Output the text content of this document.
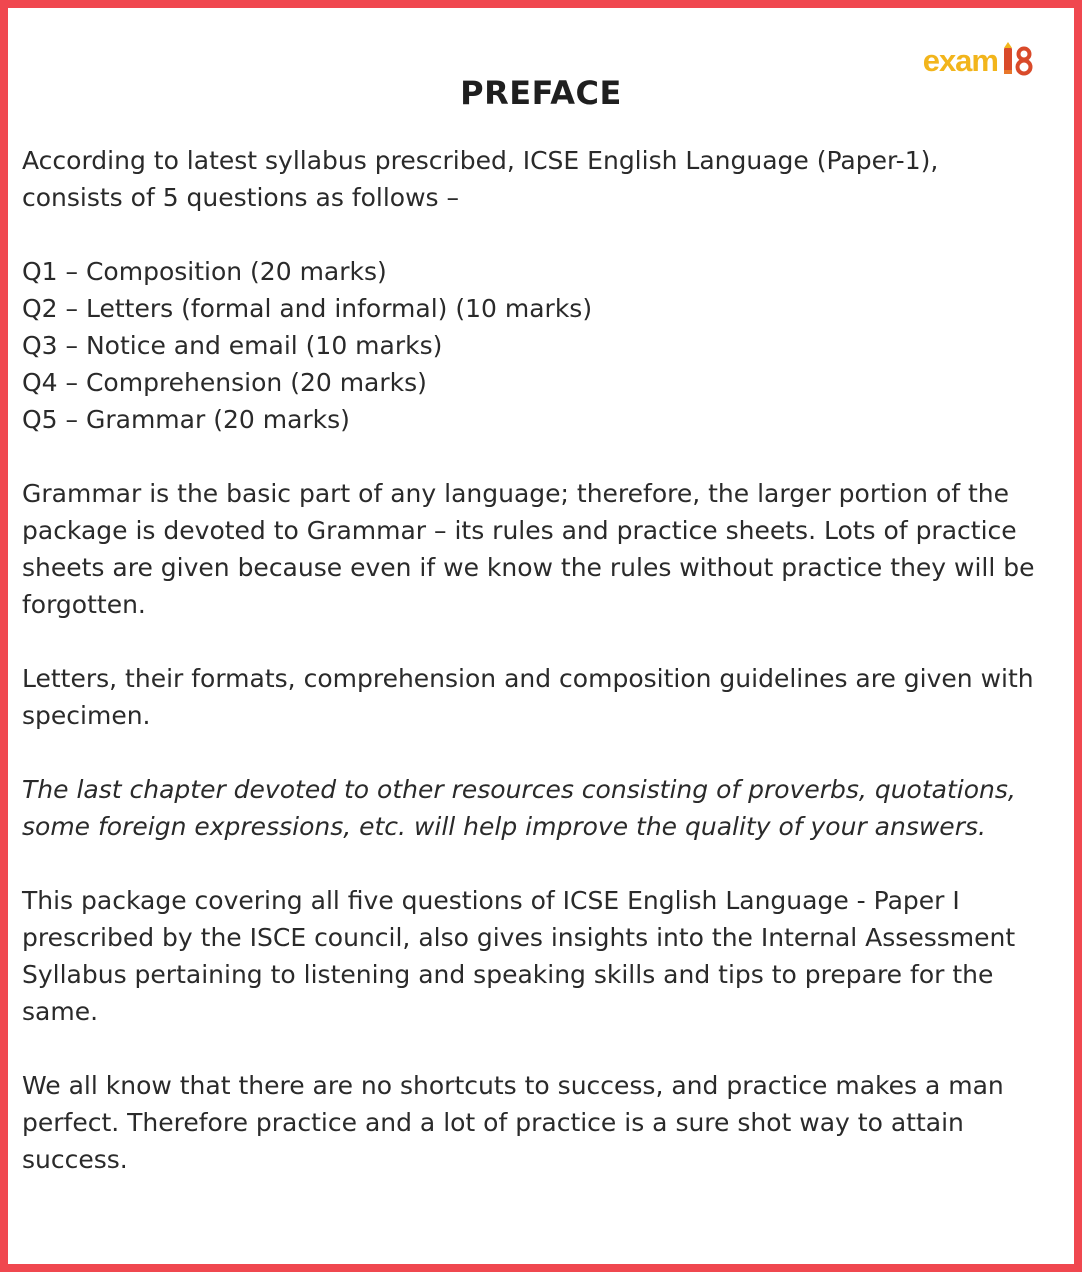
exam
PREFACE

According to latest syllabus prescribed, ICSE English Language (Paper-1), consists of 5 questions as follows –

Q1 – Composition (20 marks)
Q2 – Letters (formal and informal) (10 marks)
Q3 – Notice and email (10 marks)
Q4 – Comprehension (20 marks)
Q5 – Grammar (20 marks)

Grammar is the basic part of any language; therefore, the larger portion of the package is devoted to Grammar – its rules and practice sheets. Lots of practice sheets are given because even if we know the rules without practice they will be forgotten.

Letters, their formats, comprehension and composition guidelines are given with specimen.

The last chapter devoted to other resources consisting of proverbs, quotations, some foreign expressions, etc. will help improve the quality of your answers.

This package covering all five questions of ICSE English Language - Paper I prescribed by the ISCE council, also gives insights into the Internal Assessment Syllabus pertaining to listening and speaking skills and tips to prepare for the same.

We all know that there are no shortcuts to success, and practice makes a man perfect. Therefore practice and a lot of practice is a sure shot way to attain success.
